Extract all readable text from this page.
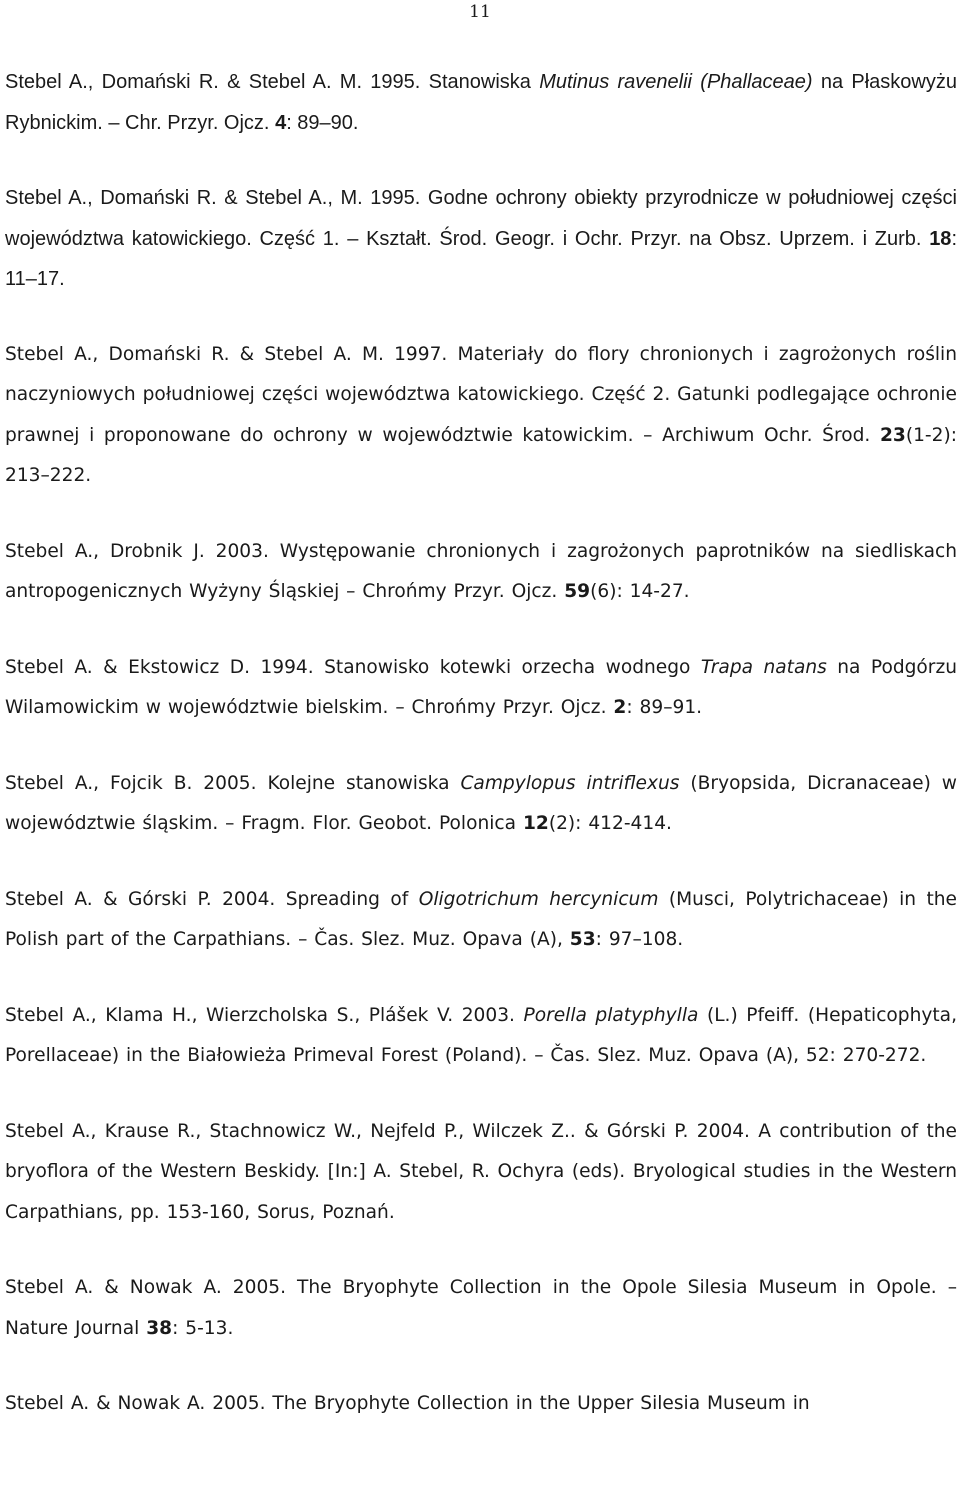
11

Stebel A., Domański R. & Stebel A. M. 1995. Stanowiska Mutinus ravenelii (Phallaceae) na Płaskowyżu Rybnickim. – Chr. Przyr. Ojcz. 4: 89–90.

Stebel A., Domański R. & Stebel A., M. 1995. Godne ochrony obiekty przyrodnicze w południowej części województwa katowickiego. Część 1. – Kształt. Środ. Geogr. i Ochr. Przyr. na Obsz. Uprzem. i Zurb. 18: 11–17.

Stebel A., Domański R. & Stebel A. M. 1997. Materiały do flory chronionych i zagrożonych roślin naczyniowych południowej części województwa katowickiego. Część 2. Gatunki podlegające ochronie prawnej i proponowane do ochrony w województwie katowickim. – Archiwum Ochr. Środ. 23(1-2): 213–222.

Stebel A., Drobnik J. 2003. Występowanie chronionych i zagrożonych paprotników na siedliskach antropogenicznych Wyżyny Śląskiej – Chrońmy Przyr. Ojcz. 59(6): 14-27.

Stebel A. & Ekstowicz D. 1994. Stanowisko kotewki orzecha wodnego Trapa natans na Podgórzu Wilamowickim w województwie bielskim. – Chrońmy Przyr. Ojcz. 2: 89–91.

Stebel A., Fojcik B. 2005. Kolejne stanowiska Campylopus intriflexus (Bryopsida, Dicranaceae) w województwie śląskim. – Fragm. Flor. Geobot. Polonica 12(2): 412-414.

Stebel A. & Górski P. 2004. Spreading of Oligotrichum hercynicum (Musci, Polytrichaceae) in the Polish part of the Carpathians. – Čas. Slez. Muz. Opava (A), 53: 97–108.

Stebel A., Klama H., Wierzcholska S., Plášek V. 2003. Porella platyphylla (L.) Pfeiff. (Hepaticophyta, Porellaceae) in the Białowieża Primeval Forest (Poland). – Čas. Slez. Muz. Opava (A), 52: 270-272.

Stebel A., Krause R., Stachnowicz W., Nejfeld P., Wilczek Z.. & Górski P. 2004. A contribution of the bryoflora of the Western Beskidy. [In:] A. Stebel, R. Ochyra (eds). Bryological studies in the Western Carpathians, pp. 153-160, Sorus, Poznań.

Stebel A. & Nowak A. 2005. The Bryophyte Collection in the Opole Silesia Museum in Opole. – Nature Journal 38: 5-13.

Stebel A. & Nowak A. 2005. The Bryophyte Collection in the Upper Silesia Museum in
